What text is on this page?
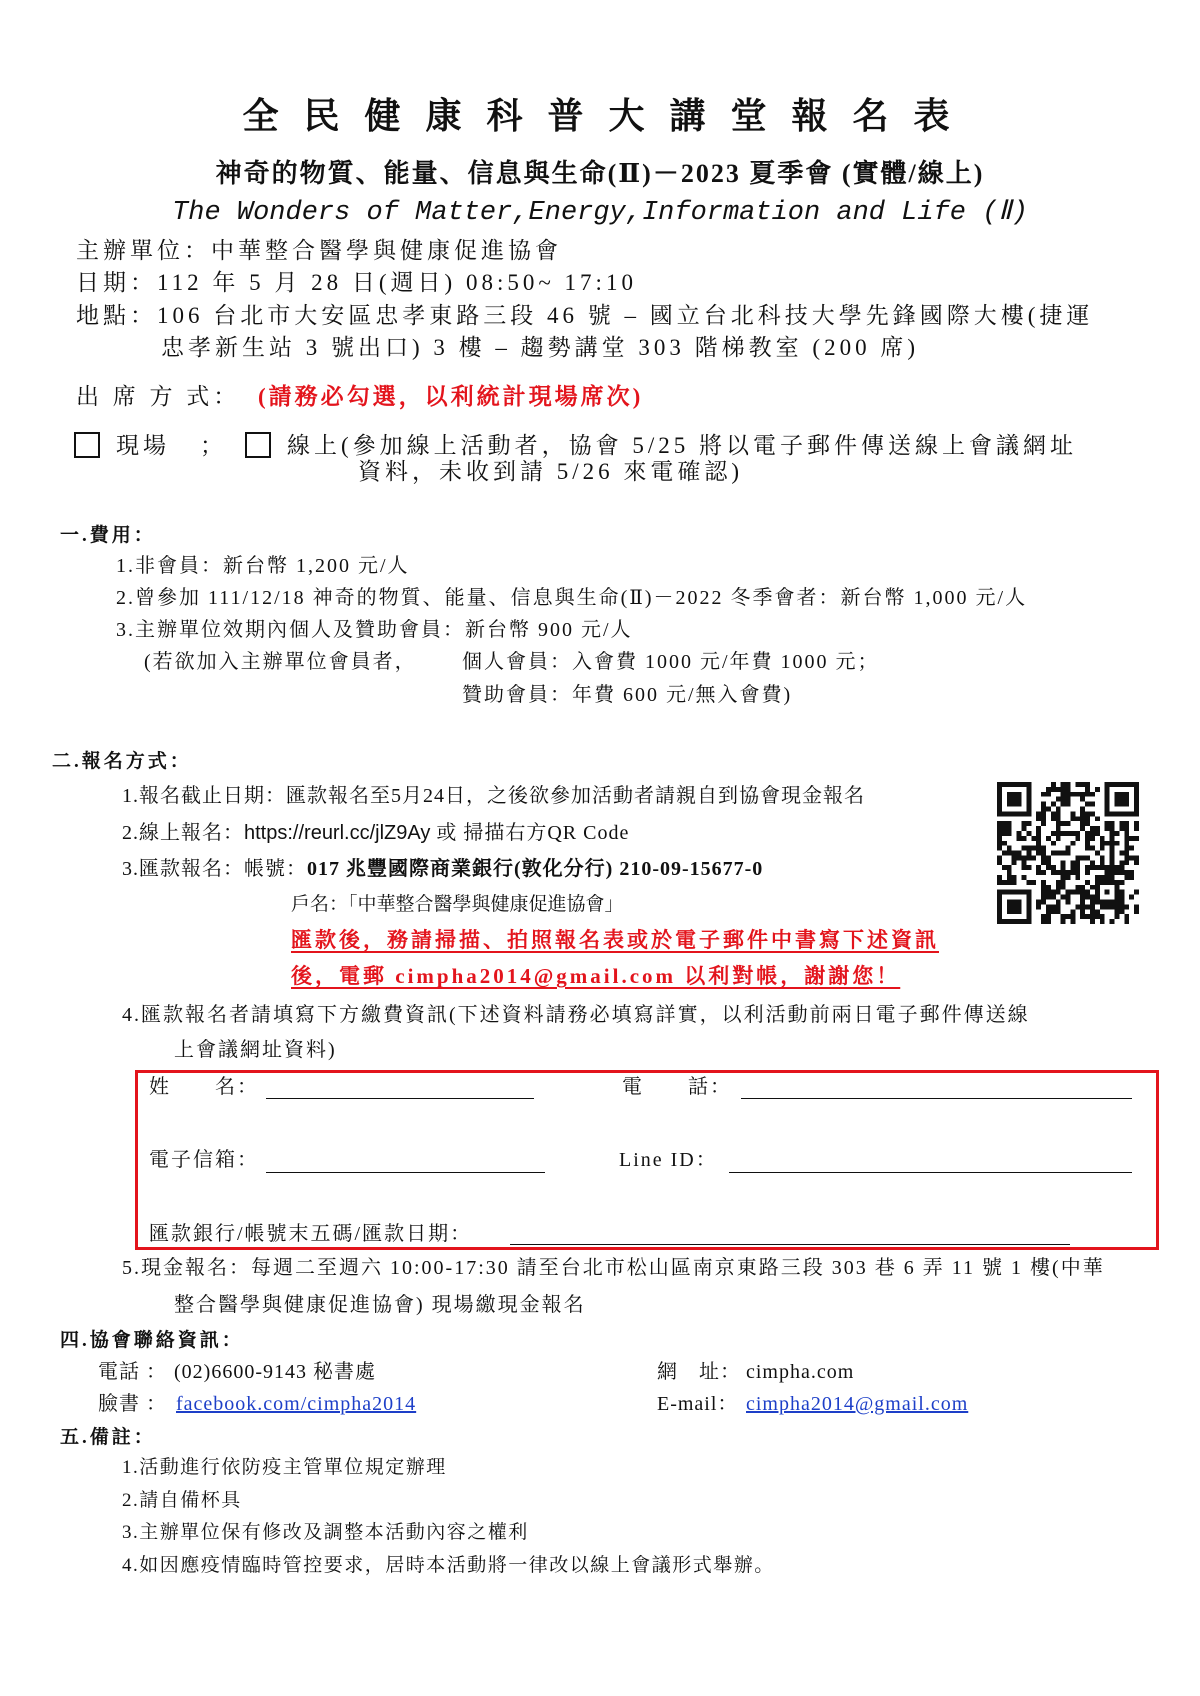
全 民 健 康 科 普 大 講 堂 報 名 表
神奇的物質、能量、信息與生命(Ⅱ)－2023 夏季會 (實體/線上)
The Wonders of Matter,Energy,Information and Life (Ⅱ)
主辦單位：中華整合醫學與健康促進協會
日期：112 年 5 月 28 日(週日) 08:50~ 17:10
地點：106 台北市大安區忠孝東路三段 46 號 – 國立台北科技大學先鋒國際大樓(捷運
忠孝新生站 3 號出口) 3 樓 – 趨勢講堂 303 階梯教室 (200 席)
出 席 方 式： (請務必勾選，以利統計現場席次)
現場 ；	線上(參加線上活動者，協會 5/25 將以電子郵件傳送線上會議網址
資料，未收到請 5/26 來電確認)
一.費用：
1.非會員：新台幣 1,200 元/人
2.曾參加 111/12/18 神奇的物質、能量、信息與生命(Ⅱ)－2022 冬季會者：新台幣 1,000 元/人
3.主辦單位效期內個人及贊助會員：新台幣 900 元/人
(若欲加入主辦單位會員者， 個人會員：入會費 1000 元/年費 1000 元；
贊助會員：年費 600 元/無入會費)
二.報名方式：
1.報名截止日期：匯款報名至5月24日，之後欲參加活動者請親自到協會現金報名
2.線上報名：https://reurl.cc/jlZ9Ay 或 掃描右方QR Code
3.匯款報名：帳號：017 兆豐國際商業銀行(敦化分行) 210-09-15677-0
戶名：「中華整合醫學與健康促進協會」
匯款後，務請掃描、拍照報名表或於電子郵件中書寫下述資訊
後，電郵 cimpha2014@gmail.com 以利對帳，謝謝您！
4.匯款報名者請填寫下方繳費資訊(下述資料請務必填寫詳實，以利活動前兩日電子郵件傳送線
上會議網址資料)
姓　　名：	電　　話：
電子信箱：	Line ID：
匯款銀行/帳號末五碼/匯款日期：
5.現金報名：每週二至週六 10:00-17:30 請至台北市松山區南京東路三段 303 巷 6 弄 11 號 1 樓(中華
整合醫學與健康促進協會) 現場繳現金報名
四.協會聯絡資訊：
電話 ： (02)6600-9143 秘書處	網　址： cimpha.com
臉書 ： facebook.com/cimpha2014	E-mail： cimpha2014@gmail.com
五.備註：
1.活動進行依防疫主管單位規定辦理
2.請自備杯具
3.主辦單位保有修改及調整本活動內容之權利
4.如因應疫情臨時管控要求，居時本活動將一律改以線上會議形式舉辦。
